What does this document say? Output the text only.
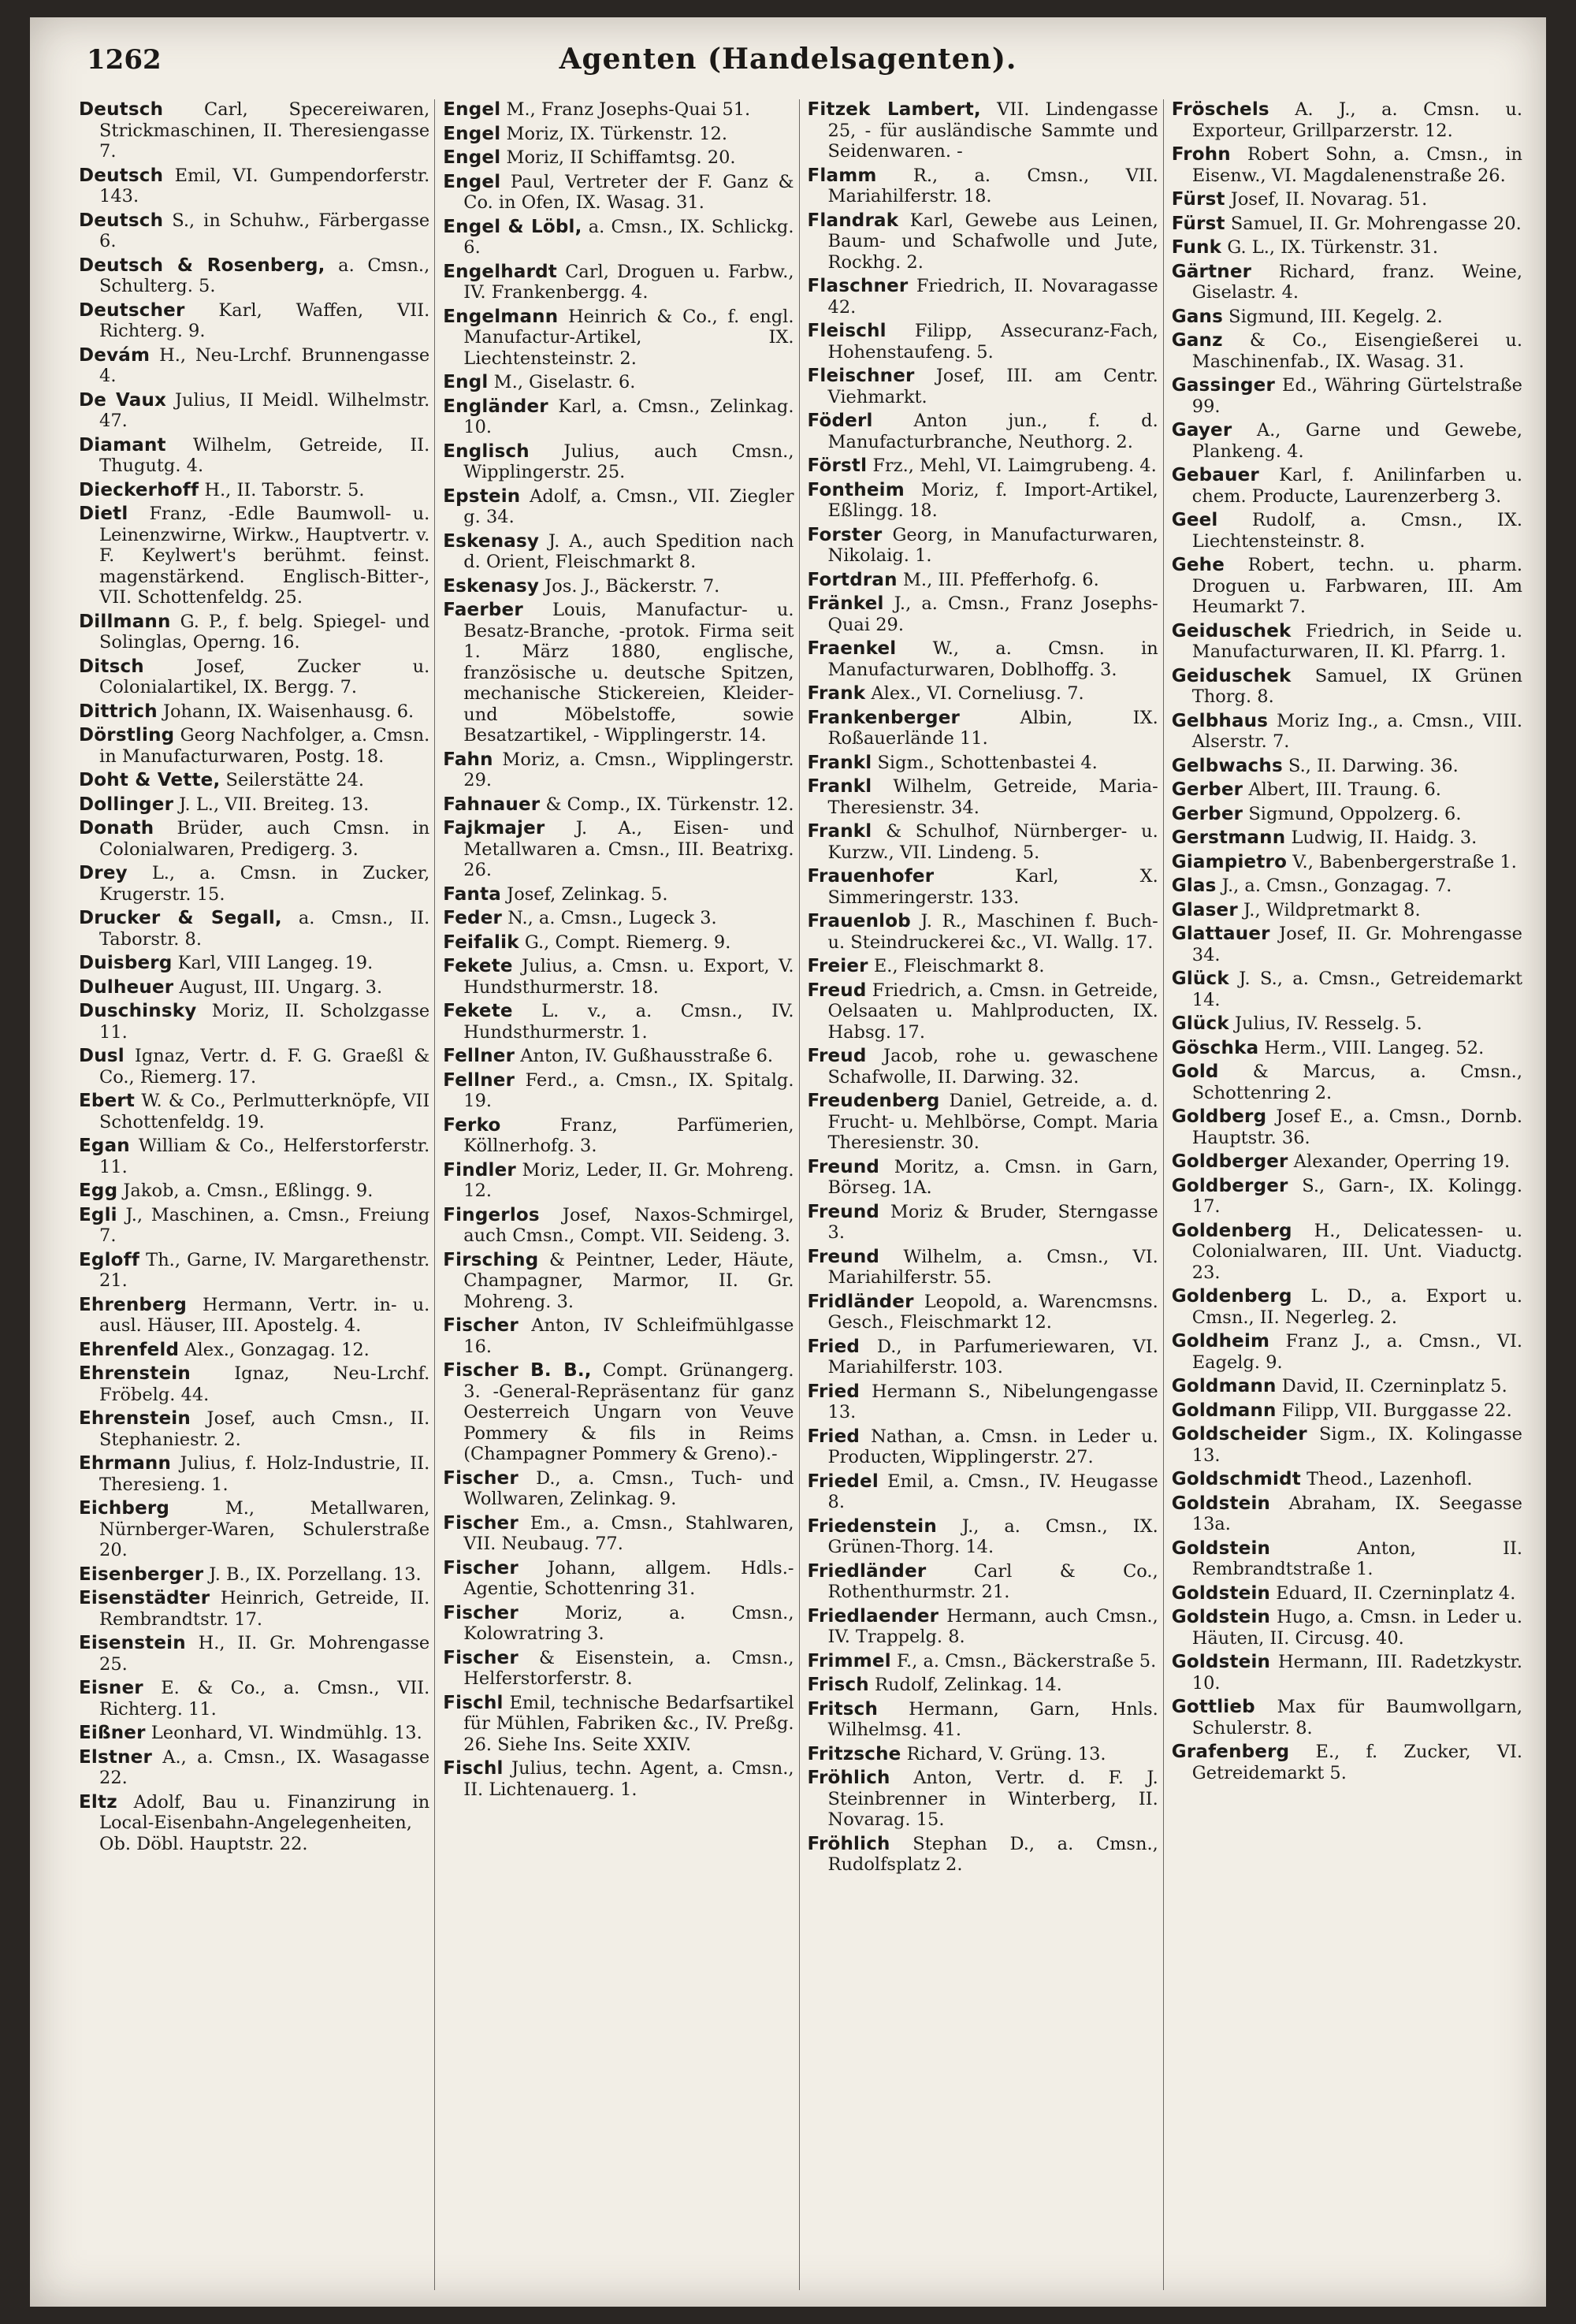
1262	Agenten (Handelsagenten).

Deutsch Carl, Specereiwaren, Strickmaschinen, II. Theresiengasse 7.

Deutsch Emil, VI. Gumpendorferstr. 143.

Deutsch S., in Schuhw., Färbergasse 6.

Deutsch & Rosenberg, a. Cmsn., Schulterg. 5.

Deutscher Karl, Waffen, VII. Richterg. 9.

Devám H., Neu-Lrchf. Brunnengasse 4.

De Vaux Julius, II Meidl. Wilhelmstr. 47.

Diamant Wilhelm, Getreide, II. Thugutg. 4.

Dieckerhoff H., II. Taborstr. 5.

Dietl Franz, -Edle Baumwoll- u. Leinenzwirne, Wirkw., Hauptvertr. v. F. Keylwert's berühmt. feinst. magenstärkend. Englisch-Bitter-, VII. Schottenfeldg. 25.

Dillmann G. P., f. belg. Spiegel- und Solinglas, Operng. 16.

Ditsch Josef, Zucker u. Colonialartikel, IX. Bergg. 7.

Dittrich Johann, IX. Waisenhausg. 6.

Dörstling Georg Nachfolger, a. Cmsn. in Manufacturwaren, Postg. 18.

Doht & Vette, Seilerstätte 24.

Dollinger J. L., VII. Breiteg. 13.

Donath Brüder, auch Cmsn. in Colonialwaren, Predigerg. 3.

Drey L., a. Cmsn. in Zucker, Krugerstr. 15.

Drucker & Segall, a. Cmsn., II. Taborstr. 8.

Duisberg Karl, VIII Langeg. 19.

Dulheuer August, III. Ungarg. 3.

Duschinsky Moriz, II. Scholzgasse 11.

Dusl Ignaz, Vertr. d. F. G. Graeßl & Co., Riemerg. 17.

Ebert W. & Co., Perlmutterknöpfe, VII Schottenfeldg. 19.

Egan William & Co., Helferstorferstr. 11.

Egg Jakob, a. Cmsn., Eßlingg. 9.

Egli J., Maschinen, a. Cmsn., Freiung 7.

Egloff Th., Garne, IV. Margarethenstr. 21.

Ehrenberg Hermann, Vertr. in- u. ausl. Häuser, III. Apostelg. 4.

Ehrenfeld Alex., Gonzagag. 12.

Ehrenstein Ignaz, Neu-Lrchf. Fröbelg. 44.

Ehrenstein Josef, auch Cmsn., II. Stephaniestr. 2.

Ehrmann Julius, f. Holz-Industrie, II. Theresieng. 1.

Eichberg M., Metallwaren, Nürnberger-Waren, Schulerstraße 20.

Eisenberger J. B., IX. Porzellang. 13.

Eisenstädter Heinrich, Getreide, II. Rembrandtstr. 17.

Eisenstein H., II. Gr. Mohrengasse 25.

Eisner E. & Co., a. Cmsn., VII. Richterg. 11.

Eißner Leonhard, VI. Windmühlg. 13.

Elstner A., a. Cmsn., IX. Wasagasse 22.

Eltz Adolf, Bau u. Finanzirung in Local-Eisenbahn-Angelegenheiten, Ob. Döbl. Hauptstr. 22.

Engel M., Franz Josephs-Quai 51.

Engel Moriz, IX. Türkenstr. 12.

Engel Moriz, II Schiffamtsg. 20.

Engel Paul, Vertreter der F. Ganz & Co. in Ofen, IX. Wasag. 31.

Engel & Löbl, a. Cmsn., IX. Schlickg. 6.

Engelhardt Carl, Droguen u. Farbw., IV. Frankenbergg. 4.

Engelmann Heinrich & Co., f. engl. Manufactur-Artikel, IX. Liechtensteinstr. 2.

Engl M., Giselastr. 6.

Engländer Karl, a. Cmsn., Zelinkag. 10.

Englisch Julius, auch Cmsn., Wipplingerstr. 25.

Epstein Adolf, a. Cmsn., VII. Ziegler g. 34.

Eskenasy J. A., auch Spedition nach d. Orient, Fleischmarkt 8.

Eskenasy Jos. J., Bäckerstr. 7.

Faerber Louis, Manufactur- u. Besatz-Branche, -protok. Firma seit 1. März 1880, englische, französische u. deutsche Spitzen, mechanische Stickereien, Kleider- und Möbelstoffe, sowie Besatzartikel, - Wipplingerstr. 14.

Fahn Moriz, a. Cmsn., Wipplingerstr. 29.

Fahnauer & Comp., IX. Türkenstr. 12.

Fajkmajer J. A., Eisen- und Metallwaren a. Cmsn., III. Beatrixg. 26.

Fanta Josef, Zelinkag. 5.

Feder N., a. Cmsn., Lugeck 3.

Feifalik G., Compt. Riemerg. 9.

Fekete Julius, a. Cmsn. u. Export, V. Hundsthurmerstr. 18.

Fekete L. v., a. Cmsn., IV. Hundsthurmerstr. 1.

Fellner Anton, IV. Gußhausstraße 6.

Fellner Ferd., a. Cmsn., IX. Spitalg. 19.

Ferko Franz, Parfümerien, Köllnerhofg. 3.

Findler Moriz, Leder, II. Gr. Mohreng. 12.

Fingerlos Josef, Naxos-Schmirgel, auch Cmsn., Compt. VII. Seideng. 3.

Firsching & Peintner, Leder, Häute, Champagner, Marmor, II. Gr. Mohreng. 3.

Fischer Anton, IV Schleifmühlgasse 16.

Fischer B. B., Compt. Grünangerg. 3. -General-Repräsentanz für ganz Oesterreich Ungarn von Veuve Pommery & fils in Reims (Champagner Pommery & Greno).-

Fischer D., a. Cmsn., Tuch- und Wollwaren, Zelinkag. 9.

Fischer Em., a. Cmsn., Stahlwaren, VII. Neubaug. 77.

Fischer Johann, allgem. Hdls.-Agentie, Schottenring 31.

Fischer Moriz, a. Cmsn., Kolowratring 3.

Fischer & Eisenstein, a. Cmsn., Helferstorferstr. 8.

Fischl Emil, technische Bedarfsartikel für Mühlen, Fabriken &c., IV. Preßg. 26. Siehe Ins. Seite XXIV.

Fischl Julius, techn. Agent, a. Cmsn., II. Lichtenauerg. 1.

Fitzek Lambert, VII. Lindengasse 25, - für ausländische Sammte und Seidenwaren. -

Flamm R., a. Cmsn., VII. Mariahilferstr. 18.

Flandrak Karl, Gewebe aus Leinen, Baum- und Schafwolle und Jute, Rockhg. 2.

Flaschner Friedrich, II. Novaragasse 42.

Fleischl Filipp, Assecuranz-Fach, Hohenstaufeng. 5.

Fleischner Josef, III. am Centr. Viehmarkt.

Föderl Anton jun., f. d. Manufacturbranche, Neuthorg. 2.

Förstl Frz., Mehl, VI. Laimgrubeng. 4.

Fontheim Moriz, f. Import-Artikel, Eßlingg. 18.

Forster Georg, in Manufacturwaren, Nikolaig. 1.

Fortdran M., III. Pfefferhofg. 6.

Fränkel J., a. Cmsn., Franz Josephs-Quai 29.

Fraenkel W., a. Cmsn. in Manufacturwaren, Doblhoffg. 3.

Frank Alex., VI. Corneliusg. 7.

Frankenberger Albin, IX. Roßauerlände 11.

Frankl Sigm., Schottenbastei 4.

Frankl Wilhelm, Getreide, Maria-Theresienstr. 34.

Frankl & Schulhof, Nürnberger- u. Kurzw., VII. Lindeng. 5.

Frauenhofer Karl, X. Simmeringerstr. 133.

Frauenlob J. R., Maschinen f. Buch- u. Steindruckerei &c., VI. Wallg. 17.

Freier E., Fleischmarkt 8.

Freud Friedrich, a. Cmsn. in Getreide, Oelsaaten u. Mahlproducten, IX. Habsg. 17.

Freud Jacob, rohe u. gewaschene Schafwolle, II. Darwing. 32.

Freudenberg Daniel, Getreide, a. d. Frucht- u. Mehlbörse, Compt. Maria Theresienstr. 30.

Freund Moritz, a. Cmsn. in Garn, Börseg. 1A.

Freund Moriz & Bruder, Sterngasse 3.

Freund Wilhelm, a. Cmsn., VI. Mariahilferstr. 55.

Fridländer Leopold, a. Warencmsns. Gesch., Fleischmarkt 12.

Fried D., in Parfumeriewaren, VI. Mariahilferstr. 103.

Fried Hermann S., Nibelungengasse 13.

Fried Nathan, a. Cmsn. in Leder u. Producten, Wipplingerstr. 27.

Friedel Emil, a. Cmsn., IV. Heugasse 8.

Friedenstein J., a. Cmsn., IX. Grünen-Thorg. 14.

Friedländer Carl & Co., Rothenthurmstr. 21.

Friedlaender Hermann, auch Cmsn., IV. Trappelg. 8.

Frimmel F., a. Cmsn., Bäckerstraße 5.

Frisch Rudolf, Zelinkag. 14.

Fritsch Hermann, Garn, Hnls. Wilhelmsg. 41.

Fritzsche Richard, V. Grüng. 13.

Fröhlich Anton, Vertr. d. F. J. Steinbrenner in Winterberg, II. Novarag. 15.

Fröhlich Stephan D., a. Cmsn., Rudolfsplatz 2.

Fröschels A. J., a. Cmsn. u. Exporteur, Grillparzerstr. 12.

Frohn Robert Sohn, a. Cmsn., in Eisenw., VI. Magdalenenstraße 26.

Fürst Josef, II. Novarag. 51.

Fürst Samuel, II. Gr. Mohrengasse 20.

Funk G. L., IX. Türkenstr. 31.

Gärtner Richard, franz. Weine, Giselastr. 4.

Gans Sigmund, III. Kegelg. 2.

Ganz & Co., Eisengießerei u. Maschinenfab., IX. Wasag. 31.

Gassinger Ed., Währing Gürtelstraße 99.

Gayer A., Garne und Gewebe, Plankeng. 4.

Gebauer Karl, f. Anilinfarben u. chem. Producte, Laurenzerberg 3.

Geel Rudolf, a. Cmsn., IX. Liechtensteinstr. 8.

Gehe Robert, techn. u. pharm. Droguen u. Farbwaren, III. Am Heumarkt 7.

Geiduschek Friedrich, in Seide u. Manufacturwaren, II. Kl. Pfarrg. 1.

Geiduschek Samuel, IX Grünen Thorg. 8.

Gelbhaus Moriz Ing., a. Cmsn., VIII. Alserstr. 7.

Gelbwachs S., II. Darwing. 36.

Gerber Albert, III. Traung. 6.

Gerber Sigmund, Oppolzerg. 6.

Gerstmann Ludwig, II. Haidg. 3.

Giampietro V., Babenbergerstraße 1.

Glas J., a. Cmsn., Gonzagag. 7.

Glaser J., Wildpretmarkt 8.

Glattauer Josef, II. Gr. Mohrengasse 34.

Glück J. S., a. Cmsn., Getreidemarkt 14.

Glück Julius, IV. Resselg. 5.

Göschka Herm., VIII. Langeg. 52.

Gold & Marcus, a. Cmsn., Schottenring 2.

Goldberg Josef E., a. Cmsn., Dornb. Hauptstr. 36.

Goldberger Alexander, Operring 19.

Goldberger S., Garn-, IX. Kolingg. 17.

Goldenberg H., Delicatessen- u. Colonialwaren, III. Unt. Viaductg. 23.

Goldenberg L. D., a. Export u. Cmsn., II. Negerleg. 2.

Goldheim Franz J., a. Cmsn., VI. Eagelg. 9.

Goldmann David, II. Czerninplatz 5.

Goldmann Filipp, VII. Burggasse 22.

Goldscheider Sigm., IX. Kolingasse 13.

Goldschmidt Theod., Lazenhofl.

Goldstein Abraham, IX. Seegasse 13a.

Goldstein Anton, II. Rembrandtstraße 1.

Goldstein Eduard, II. Czerninplatz 4.

Goldstein Hugo, a. Cmsn. in Leder u. Häuten, II. Circusg. 40.

Goldstein Hermann, III. Radetzkystr. 10.

Gottlieb Max für Baumwollgarn, Schulerstr. 8.

Grafenberg E., f. Zucker, VI. Getreidemarkt 5.
